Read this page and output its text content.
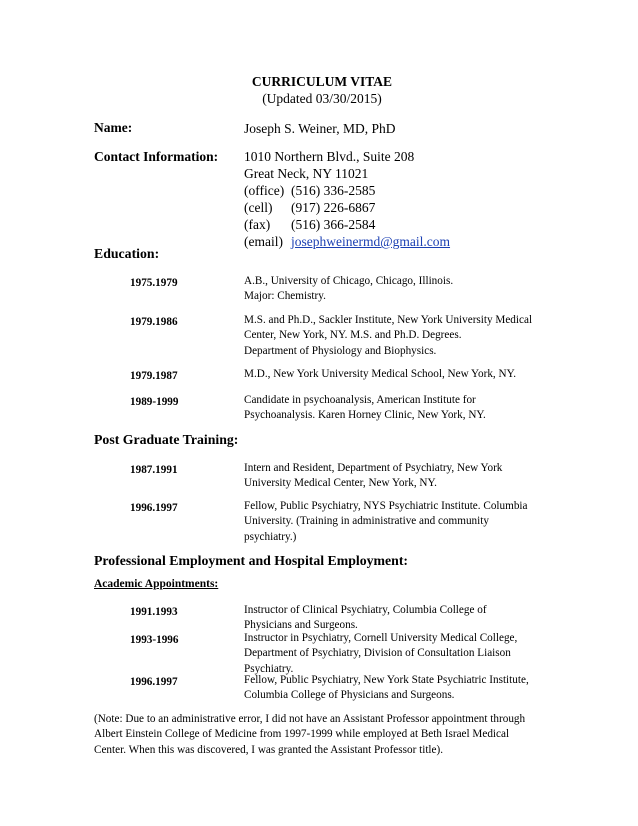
CURRICULUM VITAE
(Updated 03/30/2015)
Name:	Joseph S. Weiner, MD, PhD
Contact Information: 1010 Northern Blvd., Suite 208
Great Neck, NY 11021
(office) (516) 336-2585
(cell) (917) 226-6867
(fax) (516) 366-2584
(email) josephweinermd@gmail.com
Education:
1975.1979	A.B., University of Chicago, Chicago, Illinois.
Major: Chemistry.
1979.1986	M.S. and Ph.D., Sackler Institute, New York University Medical
Center, New York, NY. M.S. and Ph.D. Degrees.
Department of Physiology and Biophysics.
1979.1987	M.D., New York University Medical School, New York, NY.
1989-1999	Candidate in psychoanalysis, American Institute for
Psychoanalysis. Karen Horney Clinic, New York, NY.
Post Graduate Training:
1987.1991	Intern and Resident, Department of Psychiatry, New York
University Medical Center, New York, NY.
1996.1997	Fellow, Public Psychiatry, NYS Psychiatric Institute. Columbia
University. (Training in administrative and community
psychiatry.)
Professional Employment and Hospital Employment:
Academic Appointments:
1991.1993	Instructor of Clinical Psychiatry, Columbia College of
Physicians and Surgeons.
1993-1996	Instructor in Psychiatry, Cornell University Medical College,
Department of Psychiatry, Division of Consultation Liaison
Psychiatry.
1996.1997	Fellow, Public Psychiatry, New York State Psychiatric Institute,
Columbia College of Physicians and Surgeons.
(Note: Due to an administrative error, I did not have an Assistant Professor appointment through
Albert Einstein College of Medicine from 1997-1999 while employed at Beth Israel Medical
Center. When this was discovered, I was granted the Assistant Professor title).
